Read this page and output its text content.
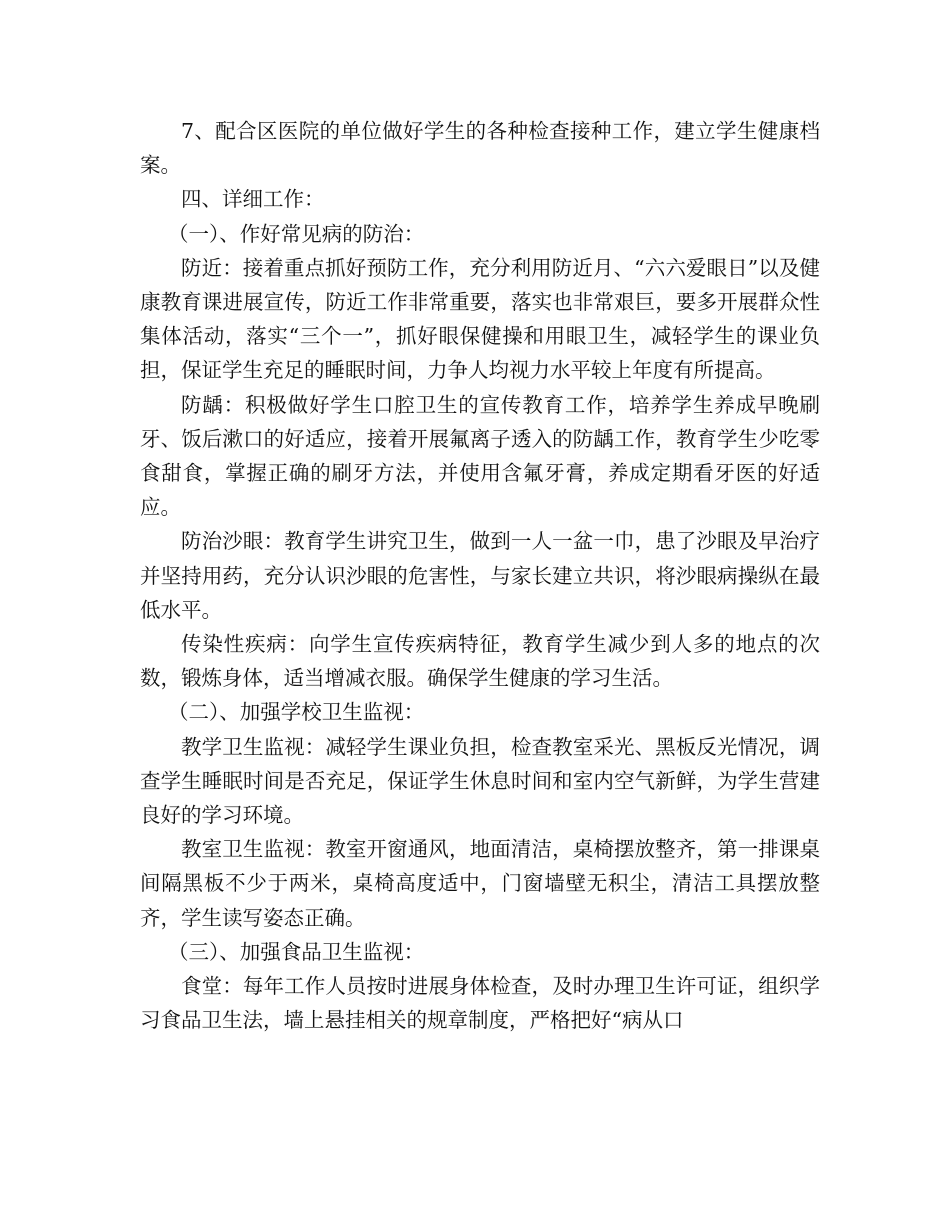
7、配合区医院的单位做好学生的各种检查接种工作，建立学生健康档案。

四、详细工作：

（一）、作好常见病的防治：

防近：接着重点抓好预防工作，充分利用防近月、“六六爱眼日”以及健康教育课进展宣传，防近工作非常重要，落实也非常艰巨，要多开展群众性集体活动，落实“三个一”，抓好眼保健操和用眼卫生，减轻学生的课业负担，保证学生充足的睡眠时间，力争人均视力水平较上年度有所提高。

防龋：积极做好学生口腔卫生的宣传教育工作，培养学生养成早晚刷牙、饭后漱口的好适应，接着开展氟离子透入的防龋工作，教育学生少吃零食甜食，掌握正确的刷牙方法，并使用含氟牙膏，养成定期看牙医的好适应。

防治沙眼：教育学生讲究卫生，做到一人一盆一巾，患了沙眼及早治疗并坚持用药，充分认识沙眼的危害性，与家长建立共识，将沙眼病操纵在最低水平。

传染性疾病：向学生宣传疾病特征，教育学生减少到人多的地点的次数，锻炼身体，适当增减衣服。确保学生健康的学习生活。

（二）、加强学校卫生监视：

教学卫生监视：减轻学生课业负担，检查教室采光、黑板反光情况，调查学生睡眠时间是否充足，保证学生休息时间和室内空气新鲜，为学生营建良好的学习环境。

教室卫生监视：教室开窗通风，地面清洁，桌椅摆放整齐，第一排课桌间隔黑板不少于两米，桌椅高度适中，门窗墙壁无积尘，清洁工具摆放整齐，学生读写姿态正确。

（三）、加强食品卫生监视：

食堂：每年工作人员按时进展身体检查，及时办理卫生许可证，组织学习食品卫生法，墙上悬挂相关的规章制度，严格把好“病从口
